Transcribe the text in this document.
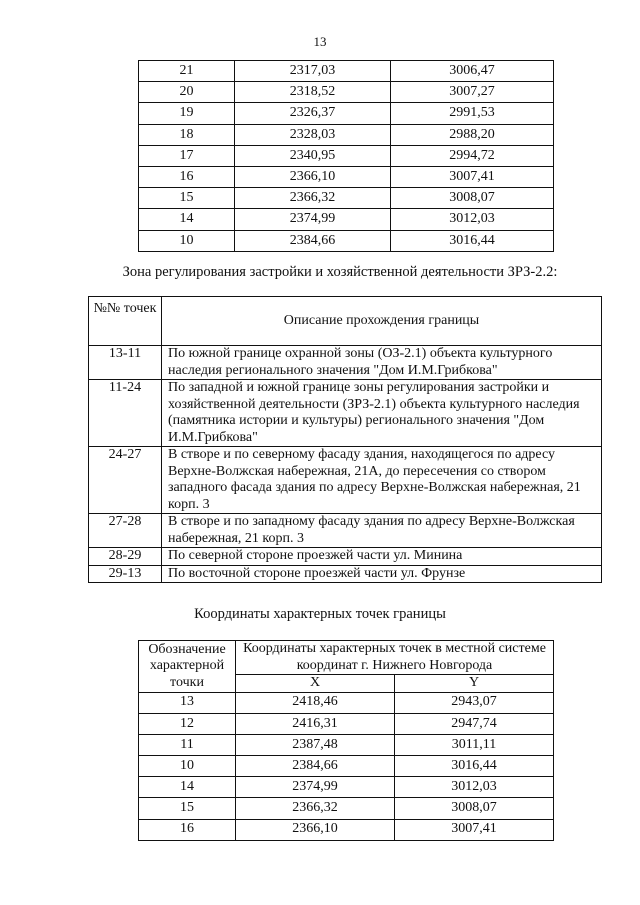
13
21	2317,03	3006,47
20	2318,52	3007,27
19	2326,37	2991,53
18	2328,03	2988,20
17	2340,95	2994,72
16	2366,10	3007,41
15	2366,32	3008,07
14	2374,99	3012,03
10	2384,66	3016,44
Зона регулирования застройки и хозяйственной деятельности ЗРЗ-2.2:
№№ точек	Описание прохождения границы
13-11	По южной границе охранной зоны (ОЗ-2.1) объекта культурного наследия регионального значения "Дом И.М.Грибкова"
11-24	По западной и южной границе зоны регулирования застройки и хозяйственной деятельности (ЗРЗ-2.1) объекта культурного наследия (памятника истории и культуры) регионального значения "Дом И.М.Грибкова"
24-27	В створе и по северному фасаду здания, находящегося по адресу Верхне-Волжская набережная, 21А, до пересечения со створом западного фасада здания по адресу Верхне-Волжская набережная, 21 корп. 3
27-28	В створе и по западному фасаду здания по адресу Верхне-Волжская набережная, 21 корп. 3
28-29	По северной стороне проезжей части ул. Минина
29-13	По восточной стороне проезжей части ул. Фрунзе
Координаты характерных точек границы
Обозначение характерной точки	Координаты характерных точек в местной системе координат г. Нижнего Новгорода	
	X	Y
13	2418,46	2943,07
12	2416,31	2947,74
11	2387,48	3011,11
10	2384,66	3016,44
14	2374,99	3012,03
15	2366,32	3008,07
16	2366,10	3007,41
